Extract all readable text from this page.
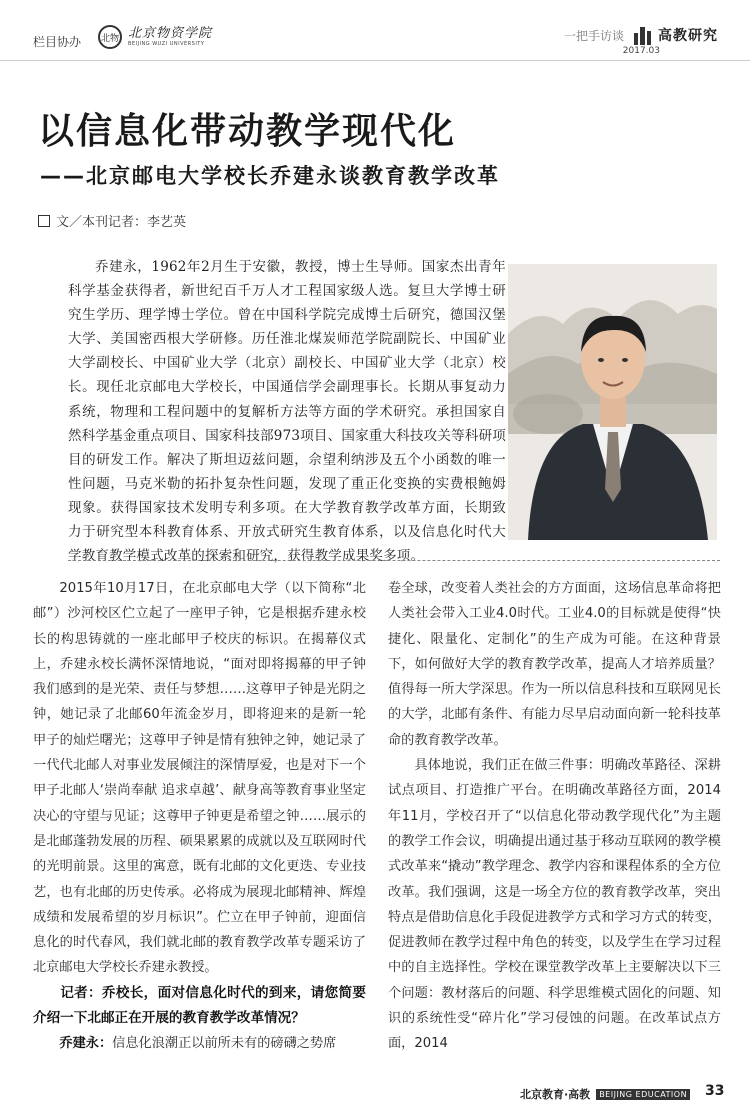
栏目协办	北物 北京物资学院
BEIJING WUZI UNIVERSITY
一把手访谈 高教研究
2017.03
以信息化带动教学现代化
——北京邮电大学校长乔建永谈教育教学改革
文／本刊记者：李艺英

乔建永，1962年2月生于安徽，教授，博士生导师。国家杰出青年科学基金获得者，新世纪百千万人才工程国家级人选。复旦大学博士研究生学历、理学博士学位。曾在中国科学院完成博士后研究，德国汉堡大学、美国密西根大学研修。历任淮北煤炭师范学院副院长、中国矿业大学副校长、中国矿业大学（北京）副校长、中国矿业大学（北京）校长。现任北京邮电大学校长，中国通信学会副理事长。长期从事复动力系统，物理和工程问题中的复解析方法等方面的学术研究。承担国家自然科学基金重点项目、国家科技部973项目、国家重大科技攻关等科研项目的研发工作。解决了斯坦迈兹问题，佘望利纳涉及五个小函数的唯一性问题，马克米勒的拓扑复杂性问题，发现了重正化变换的实费根鲍姆现象。获得国家技术发明专利多项。在大学教育教学改革方面，长期致力于研究型本科教育体系、开放式研究生教育体系，以及信息化时代大学教育教学模式改革的探索和研究，获得教学成果奖多项。

2015年10月17日，在北京邮电大学（以下简称“北邮”）沙河校区伫立起了一座甲子钟，它是根据乔建永校长的构思铸就的一座北邮甲子校庆的标识。在揭幕仪式上，乔建永校长满怀深情地说，“面对即将揭幕的甲子钟我们感到的是光荣、责任与梦想……这尊甲子钟是光阴之钟，她记录了北邮60年流金岁月，即将迎来的是新一轮甲子的灿烂曙光；这尊甲子钟是情有独钟之钟，她记录了一代代北邮人对事业发展倾注的深情厚爱，也是对下一个甲子北邮人‘崇尚奉献 追求卓越’、献身高等教育事业坚定决心的守望与见证；这尊甲子钟更是希望之钟……展示的是北邮蓬勃发展的历程、硕果累累的成就以及互联网时代的光明前景。这里的寓意，既有北邮的文化更迭、专业技艺，也有北邮的历史传承。必将成为展现北邮精神、辉煌成绩和发展希望的岁月标识”。伫立在甲子钟前，迎面信息化的时代春风，我们就北邮的教育教学改革专题采访了北京邮电大学校长乔建永教授。

记者：乔校长，面对信息化时代的到来，请您简要介绍一下北邮正在开展的教育教学改革情况？

乔建永：信息化浪潮正以前所未有的磅礴之势席

卷全球，改变着人类社会的方方面面，这场信息革命将把人类社会带入工业4.0时代。工业4.0的目标就是使得“快捷化、限量化、定制化”的生产成为可能。在这种背景下，如何做好大学的教育教学改革，提高人才培养质量？值得每一所大学深思。作为一所以信息科技和互联网见长的大学，北邮有条件、有能力尽早启动面向新一轮科技革命的教育教学改革。

具体地说，我们正在做三件事：明确改革路径、深耕试点项目、打造推广平台。在明确改革路径方面，2014年11月，学校召开了“以信息化带动教学现代化”为主题的教学工作会议，明确提出通过基于移动互联网的教学模式改革来“撬动”教学理念、教学内容和课程体系的全方位改革。我们强调，这是一场全方位的教育教学改革，突出特点是借助信息化手段促进教学方式和学习方式的转变，促进教师在教学过程中角色的转变，以及学生在学习过程中的自主选择性。学校在课堂教学改革上主要解决以下三个问题：教材落后的问题、科学思维模式固化的问题、知识的系统性受“碎片化”学习侵蚀的问题。在改革试点方面，2014

北京教育·高教	BEIJING EDUCATION 33
